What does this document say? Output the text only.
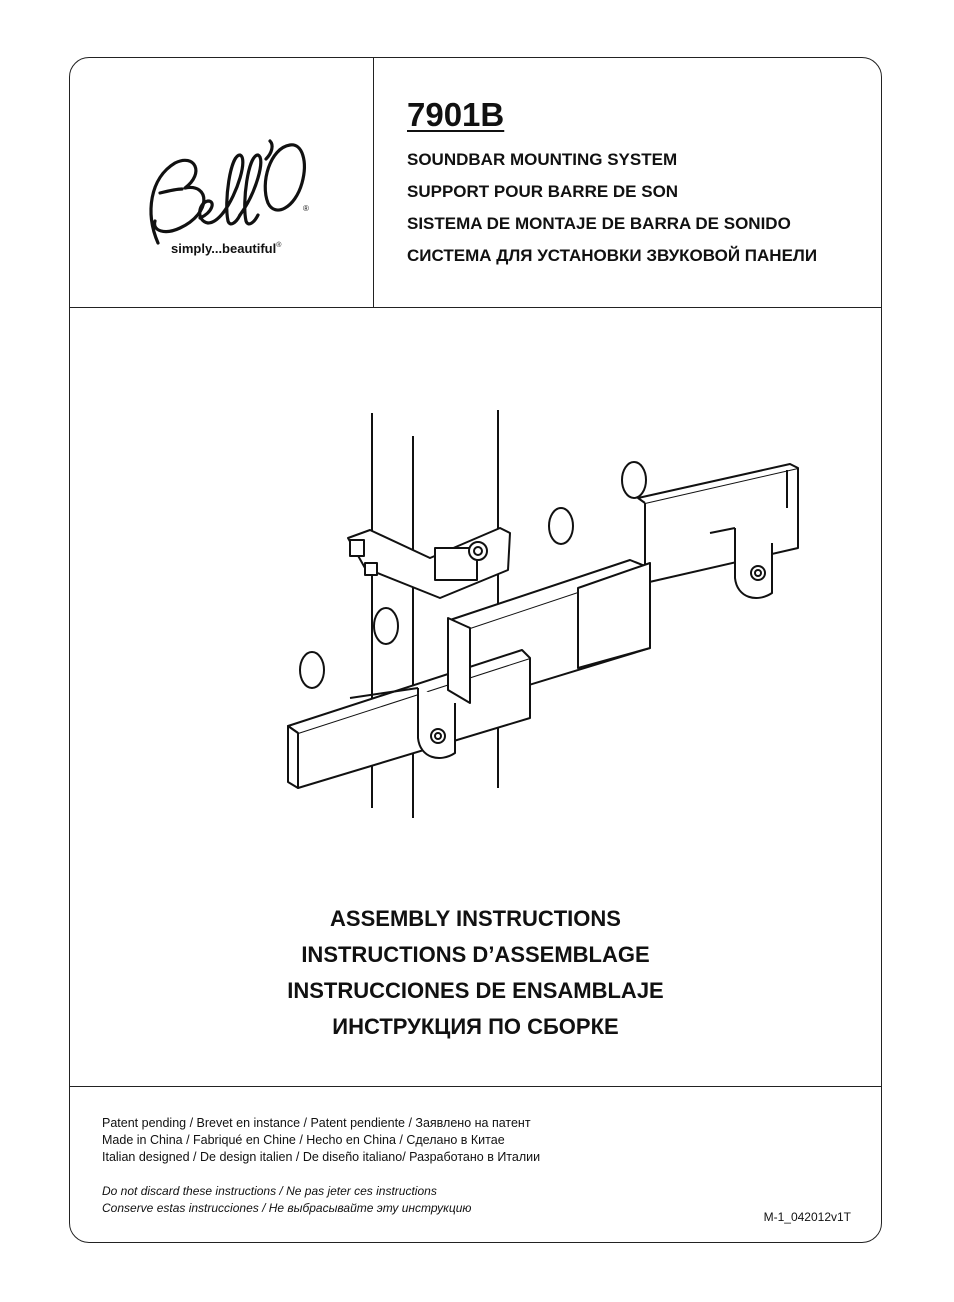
®
simply...beautiful®
7901B
SOUNDBAR MOUNTING SYSTEM
SUPPORT POUR BARRE DE SON
SISTEMA DE MONTAJE DE BARRA DE SONIDO
СИСТЕМА ДЛЯ УСТАНОВКИ ЗВУКОВОЙ ПАНЕЛИ
ASSEMBLY INSTRUCTIONS
INSTRUCTIONS D’ASSEMBLAGE
INSTRUCCIONES DE ENSAMBLAJE
ИНСТРУКЦИЯ ПО СБОРКЕ
Patent pending / Brevet en instance / Patent pendiente / Заявлено на патент
Made in China / Fabriqué en Chine / Hecho en China / Сделано в Китае
Italian designed / De design italien / De diseño italiano/ Разработано в Италии
Do not discard these instructions / Ne pas jeter ces instructions
Conserve estas instrucciones / Не выбрасывайте эту инструкцию
M-1_042012v1T
